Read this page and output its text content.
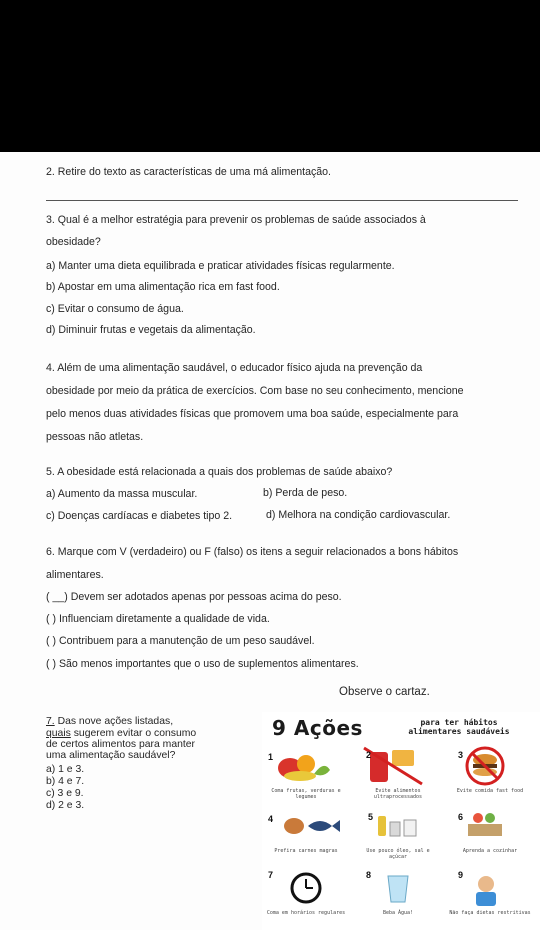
2. Retire do texto as características de uma má alimentação.
3. Qual é a melhor estratégia para prevenir os problemas de saúde associados à
obesidade?
a) Manter uma dieta equilibrada e praticar atividades físicas regularmente.
b) Apostar em uma alimentação rica em fast food.
c) Evitar o consumo de água.
d) Diminuir frutas e vegetais da alimentação.
4. Além de uma alimentação saudável, o educador físico ajuda na prevenção da
obesidade por meio da prática de exercícios. Com base no seu conhecimento, mencione
pelo menos duas atividades físicas que promovem uma boa saúde, especialmente para
pessoas não atletas.
5. A obesidade está relacionada a quais dos problemas de saúde abaixo?
a) Aumento da massa muscular.	b) Perda de peso.
c) Doenças cardíacas e diabetes tipo 2.	d) Melhora na condição cardiovascular.
6. Marque com V (verdadeiro) ou F (falso) os itens a seguir relacionados a bons hábitos
alimentares.
( __) Devem ser adotados apenas por pessoas acima do peso.
( ) Influenciam diretamente a qualidade de vida.
( ) Contribuem para a manutenção de um peso saudável.
( ) São menos importantes que o uso de suplementos alimentares.
Observe o cartaz.
7. Das nove ações listadas,
quais sugerem evitar o consumo
de certos alimentos para manter
uma alimentação saudável?
a) 1 e 3.
b) 4 e 7.
c) 3 e 9.
d) 2 e 3.
9 Ações	para ter hábitos
alimentares saudáveis
1	2	3
4	5	6
7	8	9
Coma frutas, verduras e legumes
Evite alimentos ultraprocessados
Evite comida fast food
Prefira carnes magras	Use pouco óleo, sal e açúcar
Aprenda a cozinhar
Coma em horários regulares	Beba Água!	Não faça dietas restritivas
